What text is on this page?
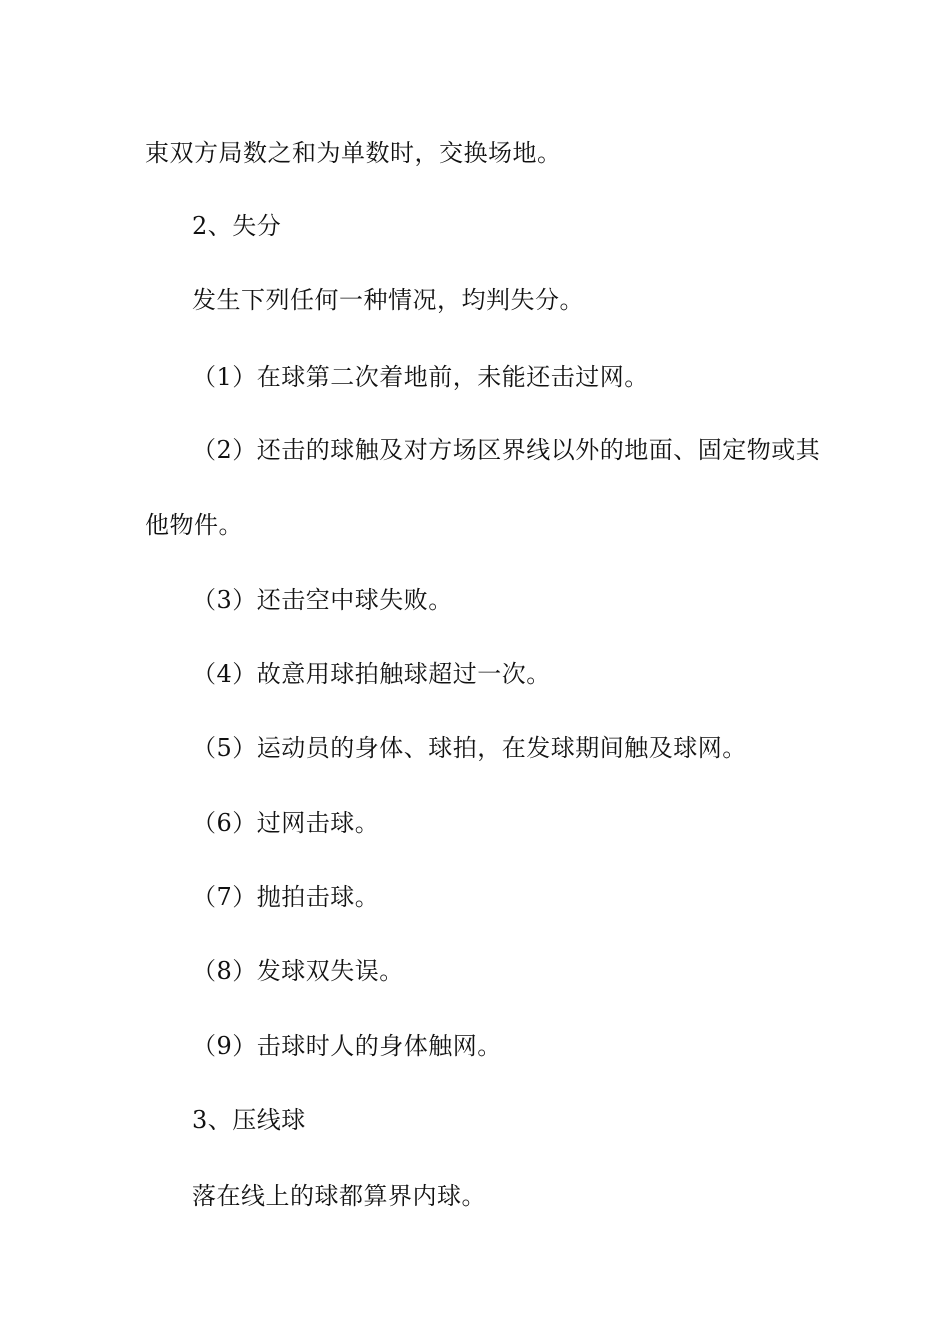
束双方局数之和为单数时，交换场地。
2、失分
发生下列任何一种情况，均判失分。
（1）在球第二次着地前，未能还击过网。
（2）还击的球触及对方场区界线以外的地面、固定物或其
他物件。
（3）还击空中球失败。
（4）故意用球拍触球超过一次。
（5）运动员的身体、球拍，在发球期间触及球网。
（6）过网击球。
（7）抛拍击球。
（8）发球双失误。
（9）击球时人的身体触网。
3、压线球
落在线上的球都算界内球。
